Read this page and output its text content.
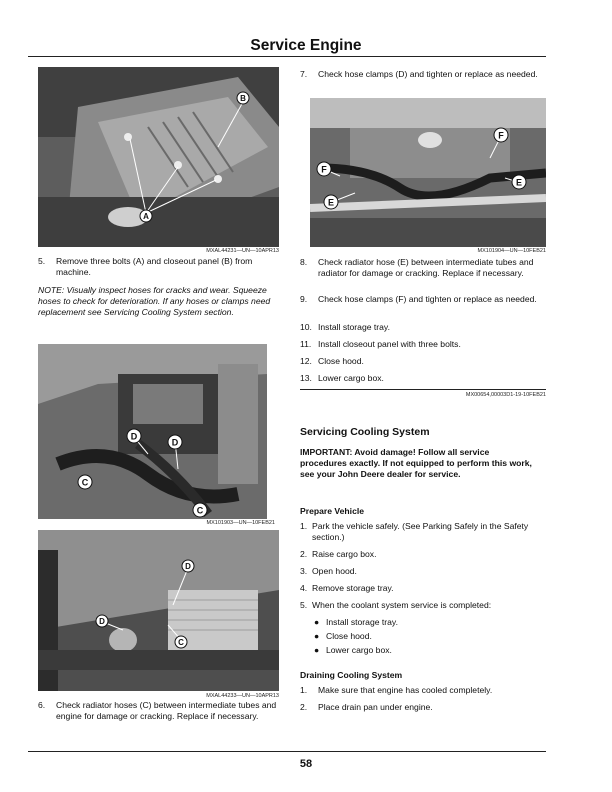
Service Engine
B
A
MXAL44231—UN—10APR13
5.	Remove three bolts (A) and closeout panel (B) from machine.
NOTE: Visually inspect hoses for cracks and wear. Squeeze hoses to check for deterioration. If any hoses or clamps need replacement see Servicing Cooling System section.
D
D
C
C
MX101903—UN—10FEB21
D
D
C
MXAL44233—UN—10APR13
6.	Check radiator hoses (C) between intermediate tubes and engine for damage or cracking. Replace if necessary.
7.	Check hose clamps (D) and tighten or replace as needed.
F
F
E
E
MX101904—UN—10FEB21
8.	Check radiator hose (E) between intermediate tubes and radiator for damage or cracking. Replace if necessary.
9.	Check hose clamps (F) and tighten or replace as needed.
10. Install storage tray.
11. Install closeout panel with three bolts.
12. Close hood.
13. Lower cargo box.
MX00654,00003D1-19-10FEB21
Servicing Cooling System
IMPORTANT: Avoid damage! Follow all service procedures exactly. If not equipped to perform this work, see your John Deere dealer for service.
Prepare Vehicle
1. Park the vehicle safely. (See Parking Safely in the Safety section.)
2. Raise cargo box.
3. Open hood.
4. Remove storage tray.
5. When the coolant system service is completed:
● Install storage tray.
● Close hood.
● Lower cargo box.
Draining Cooling System
1.	Make sure that engine has cooled completely.
2.	Place drain pan under engine.
58
